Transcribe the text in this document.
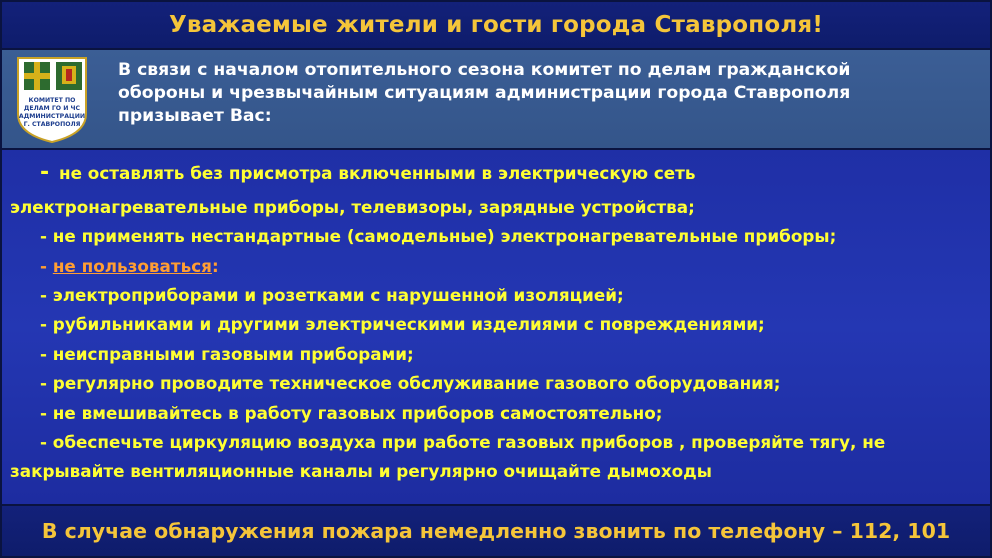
Уважаемые жители и гости города Ставрополя!
КОМИТЕТ ПО
ДЕЛАМ ГО И ЧС
АДМИНИСТРАЦИИ
Г. СТАВРОПОЛЯ
В связи с началом отопительного сезона комитет по делам гражданской
обороны и чрезвычайным ситуациям администрации города Ставрополя
призывает Вас:
- не оставлять без присмотра включенными в электрическую сеть
электронагревательные приборы, телевизоры, зарядные устройства;
- не применять нестандартные (самодельные) электронагревательные приборы;
- не пользоваться:
- электроприборами и розетками с нарушенной изоляцией;
- рубильниками и другими электрическими изделиями с повреждениями;
- неисправными газовыми приборами;
- регулярно проводите техническое обслуживание газового оборудования;
- не вмешивайтесь в работу газовых приборов самостоятельно;
- обеспечьте циркуляцию воздуха при работе газовых приборов , проверяйте тягу, не
закрывайте вентиляционные каналы и регулярно очищайте дымоходы
В случае обнаружения пожара немедленно звонить по телефону – 112, 101
